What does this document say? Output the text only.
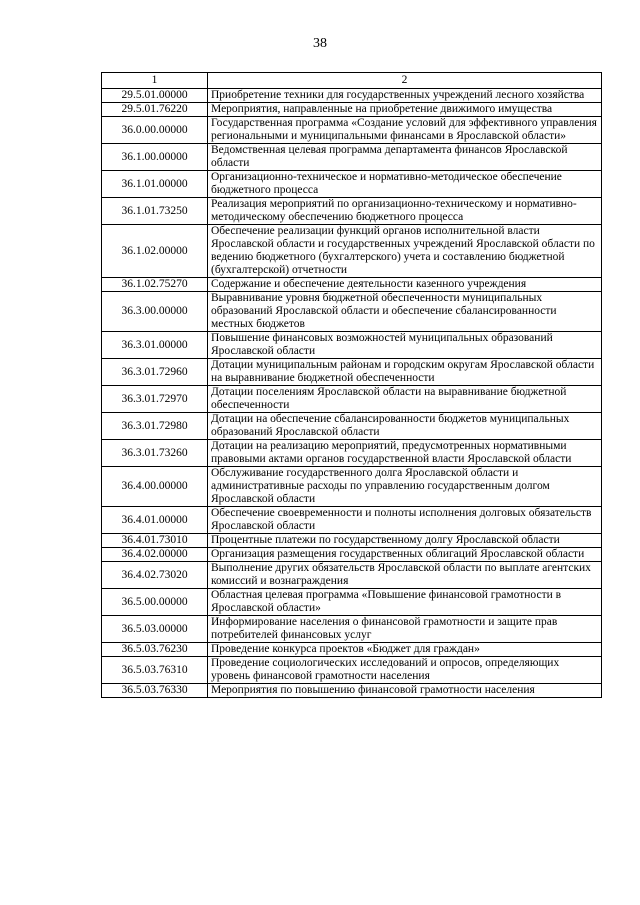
38
1	2
29.5.01.00000	Приобретение техники для государственных учреждений лесного хозяйства
29.5.01.76220	Мероприятия, направленные на приобретение движимого имущества
36.0.00.00000	Государственная программа «Создание условий для эффективного управления региональными и муниципальными финансами в Ярославской области»
36.1.00.00000	Ведомственная целевая программа департамента финансов Ярославской области
36.1.01.00000	Организационно-техническое и нормативно-методическое обеспечение бюджетного процесса
36.1.01.73250	Реализация мероприятий по организационно-техническому и нормативно-методическому обеспечению бюджетного процесса
36.1.02.00000	Обеспечение реализации функций органов исполнительной власти Ярославской области и государственных учреждений Ярославской области по ведению бюджетного (бухгалтерского) учета и составлению бюджетной (бухгалтерской) отчетности
36.1.02.75270	Содержание и обеспечение деятельности казенного учреждения
36.3.00.00000	Выравнивание уровня бюджетной обеспеченности муниципальных образований Ярославской области и обеспечение сбалансированности местных бюджетов
36.3.01.00000	Повышение финансовых возможностей муниципальных образований Ярославской области
36.3.01.72960	Дотации муниципальным районам и городским округам Ярославской области на выравнивание бюджетной обеспеченности
36.3.01.72970	Дотации поселениям Ярославской области на выравнивание бюджетной обеспеченности
36.3.01.72980	Дотации на обеспечение сбалансированности бюджетов муниципальных образований Ярославской области
36.3.01.73260	Дотации на реализацию мероприятий, предусмотренных нормативными правовыми актами органов государственной власти Ярославской области
36.4.00.00000	Обслуживание государственного долга Ярославской области и административные расходы по управлению государственным долгом Ярославской области
36.4.01.00000	Обеспечение своевременности и полноты исполнения долговых обязательств Ярославской области
36.4.01.73010	Процентные платежи по государственному долгу Ярославской области
36.4.02.00000	Организация размещения государственных облигаций Ярославской области
36.4.02.73020	Выполнение других обязательств Ярославской области по выплате агентских комиссий и вознаграждения
36.5.00.00000	Областная целевая программа «Повышение финансовой грамотности в Ярославской области»
36.5.03.00000	Информирование населения о финансовой грамотности и защите прав потребителей финансовых услуг
36.5.03.76230	Проведение конкурса проектов «Бюджет для граждан»
36.5.03.76310	Проведение социологических исследований и опросов, определяющих уровень финансовой грамотности населения
36.5.03.76330	Мероприятия по повышению финансовой грамотности населения
